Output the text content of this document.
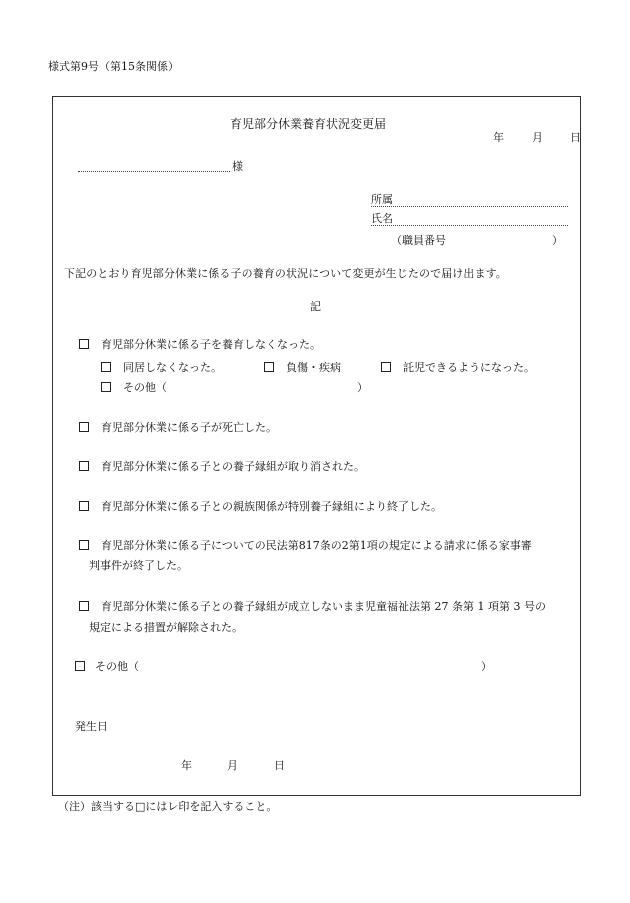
様式第9号（第15条関係）
育児部分休業養育状況変更届
年	月 日
様
所属
氏名
（職員番号	）
下記のとおり育児部分休業に係る子の養育の状況について変更が生じたので届け出ます。
記
育児部分休業に係る子を養育しなくなった。
同居しなくなった。	負傷・疾病	託児できるようになった。
その他（	）
育児部分休業に係る子が死亡した。
育児部分休業に係る子との養子縁組が取り消された。
育児部分休業に係る子との親族関係が特別養子縁組により終了した。
育児部分休業に係る子についての民法第817条の2第1項の規定による請求に係る家事審
判事件が終了した。
育児部分休業に係る子との養子縁組が成立しないまま児童福祉法第 27 条第 1 項第 3 号の
規定による措置が解除された。
その他（	）
発生日
年	月	日
（注）該当する□にはレ印を記入すること。
